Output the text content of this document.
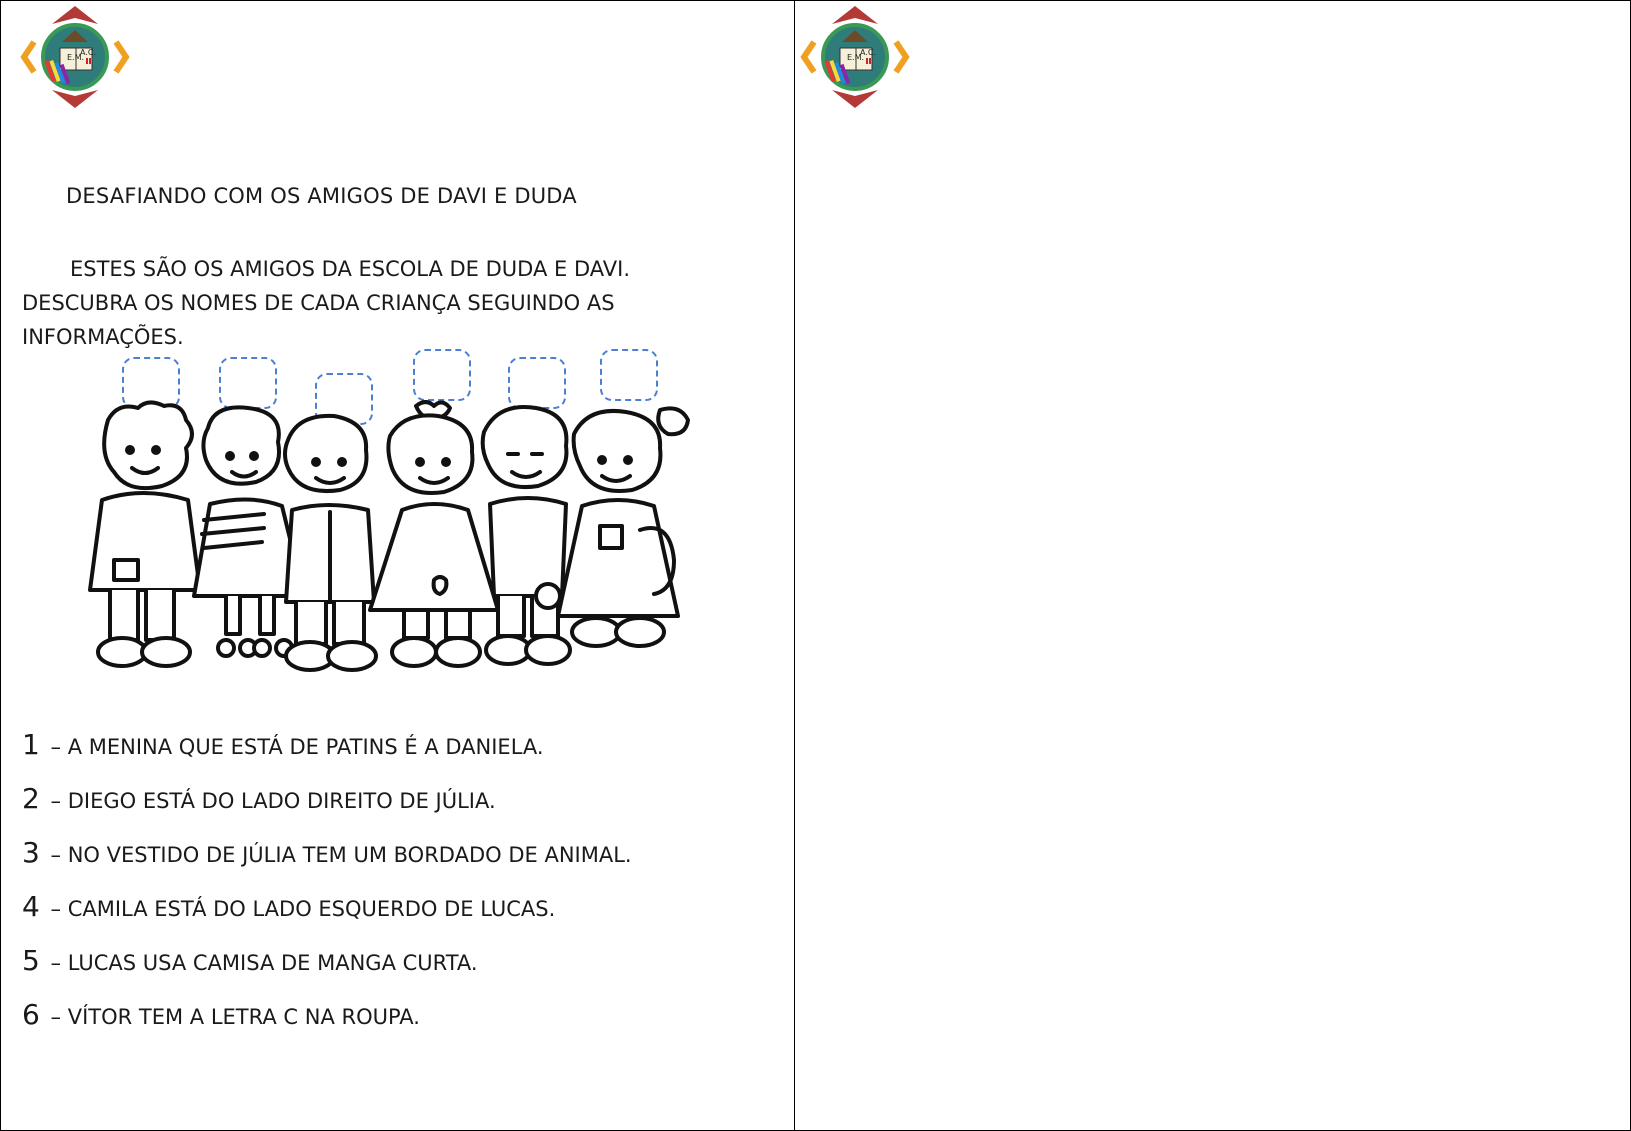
E.M.
A.C.
E.M.
A.C.
DESAFIANDO COM OS AMIGOS DE DAVI E DUDA
ESTES SÃO OS AMIGOS DA ESCOLA DE DUDA E DAVI.
DESCUBRA OS NOMES DE CADA CRIANÇA SEGUINDO AS
INFORMAÇÕES.
1 – A MENINA QUE ESTÁ DE PATINS É A DANIELA.
2 – DIEGO ESTÁ DO LADO DIREITO DE JÚLIA.
3 – NO VESTIDO DE JÚLIA TEM UM BORDADO DE ANIMAL.
4 – CAMILA ESTÁ DO LADO ESQUERDO DE LUCAS.
5 – LUCAS USA CAMISA DE MANGA CURTA.
6 – VÍTOR TEM A LETRA C NA ROUPA.
